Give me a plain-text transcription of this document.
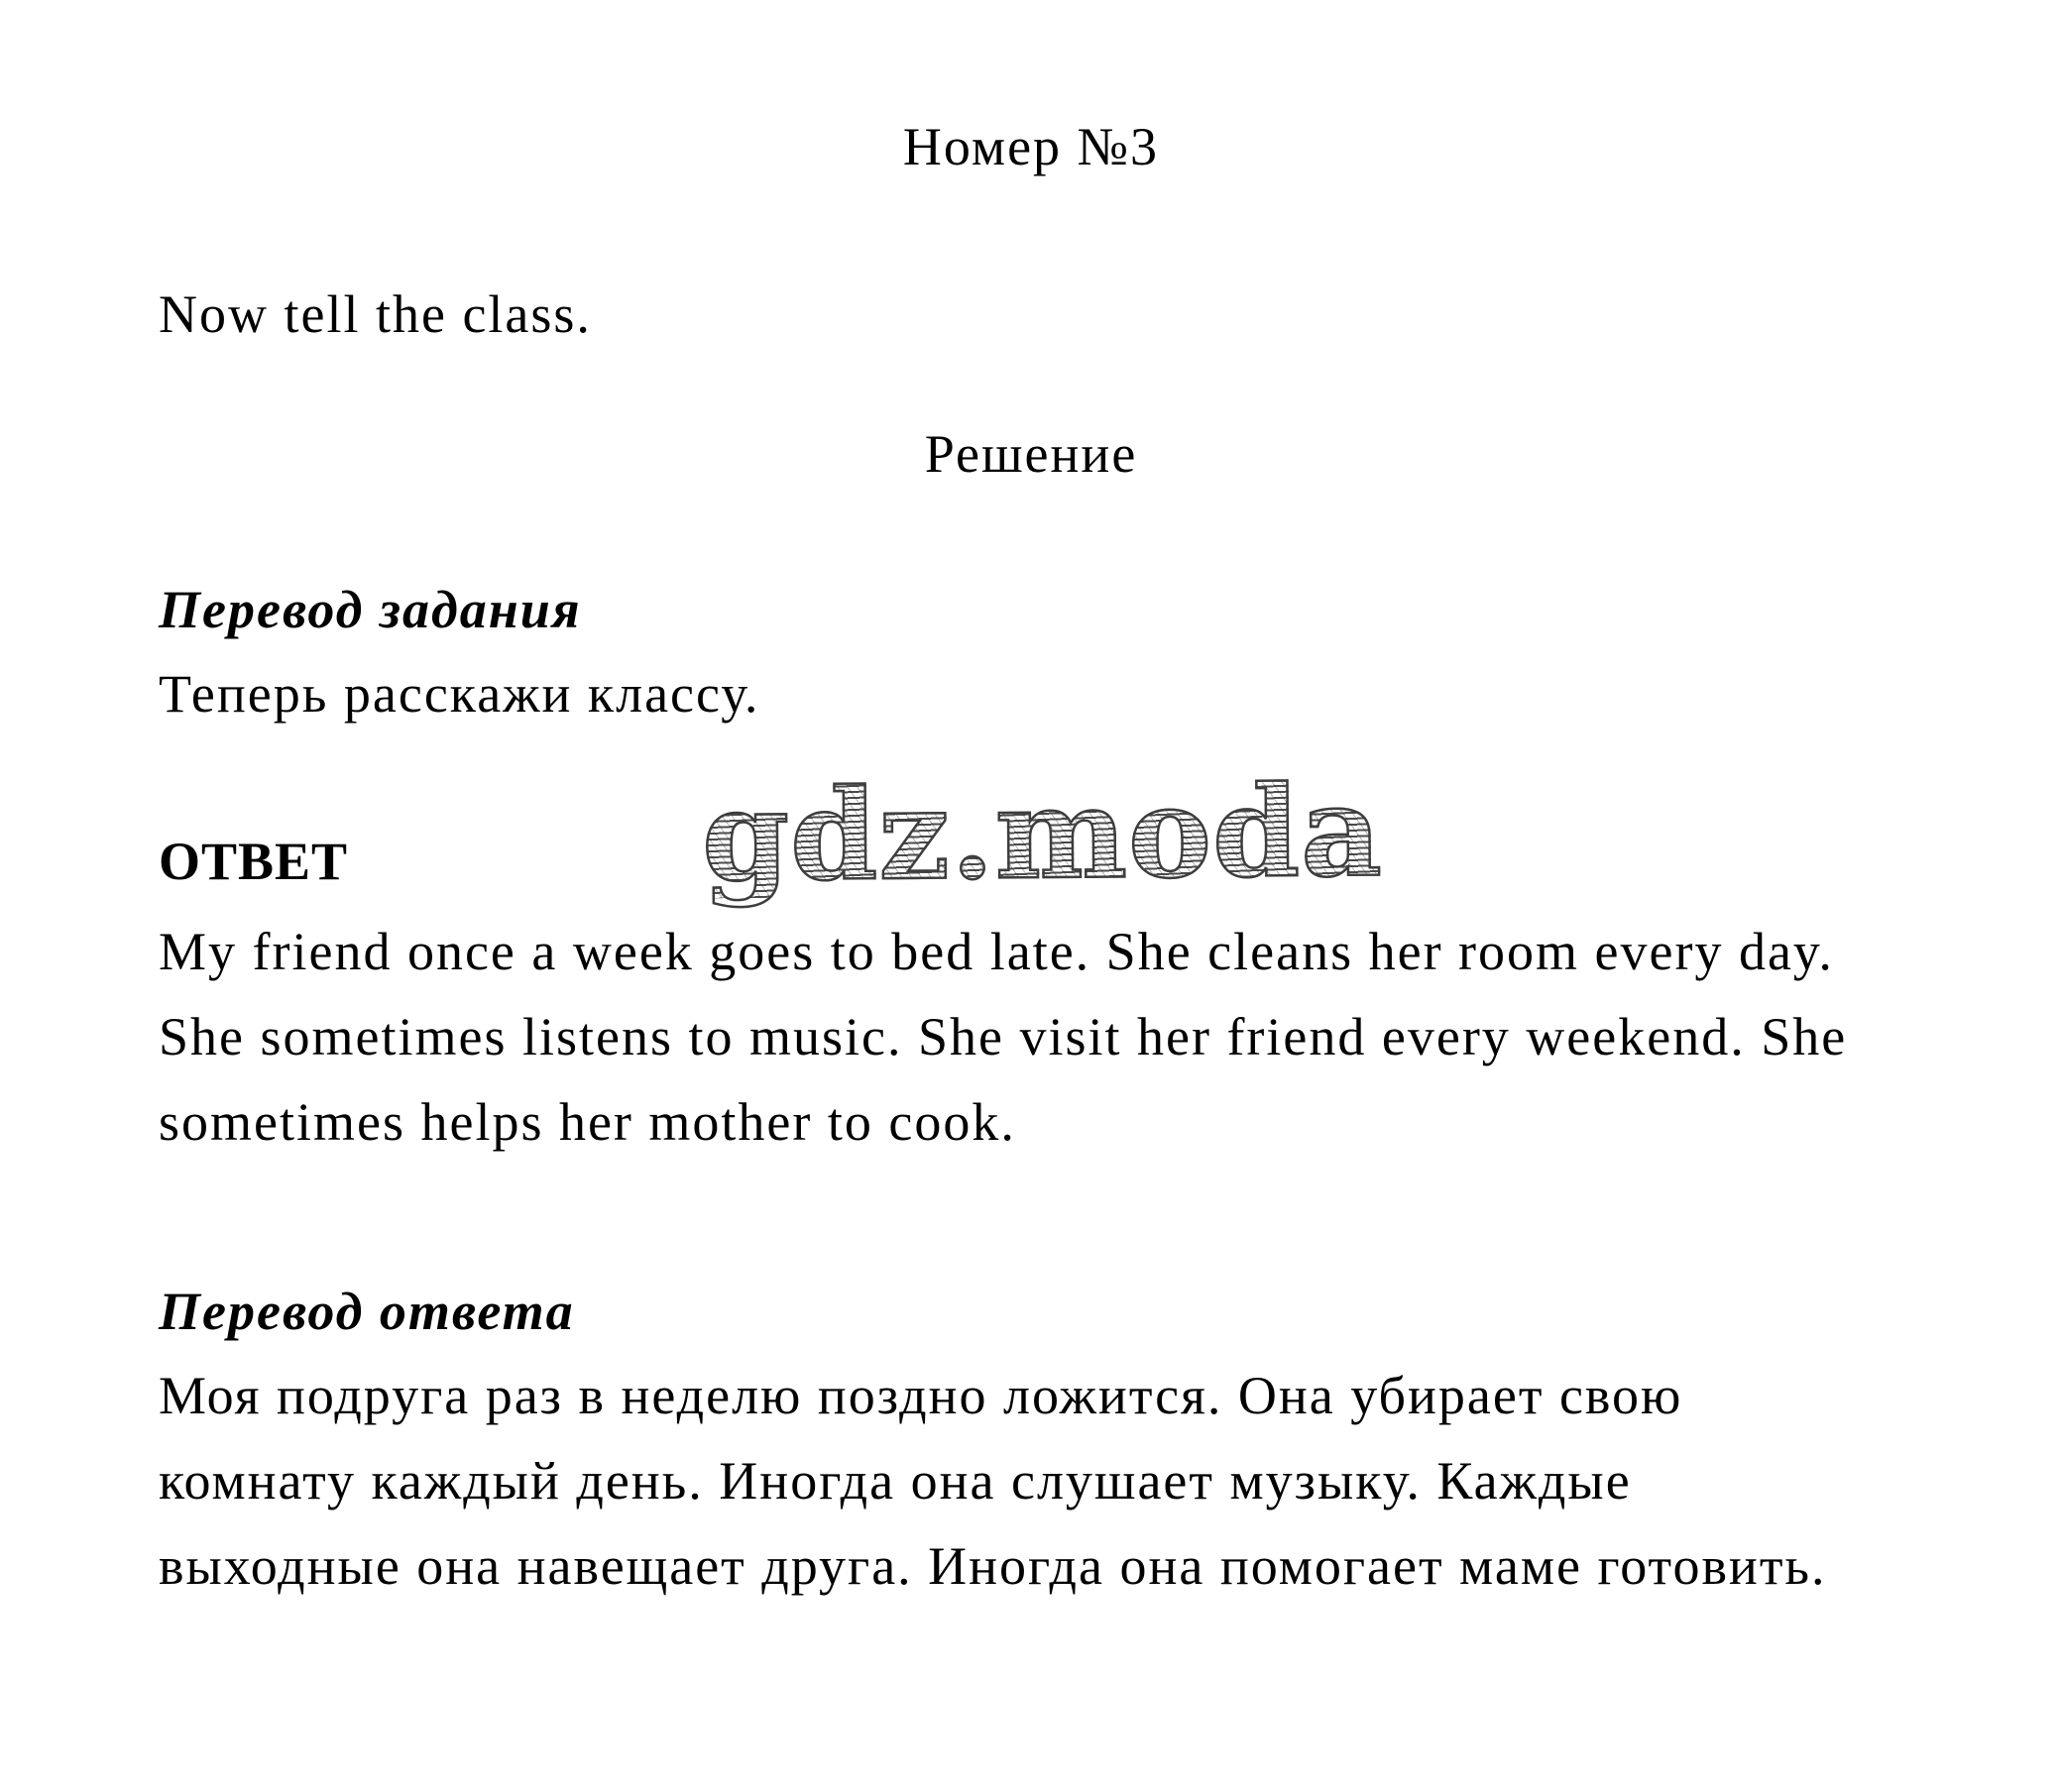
Номер №3

Now tell the class.

Решение
Перевод задания

Теперь расскажи классу.

ОТВЕТ
My friend once a week goes to bed late. She cleans her room every day.
She sometimes listens to music. She visit her friend every weekend. She
sometimes helps her mother to cook.
Перевод ответа
Моя подруга раз в неделю поздно ложится. Она убирает свою
комнату каждый день. Иногда она слушает музыку. Каждые
выходные она навещает друга. Иногда она помогает маме готовить.
gdz.moda
